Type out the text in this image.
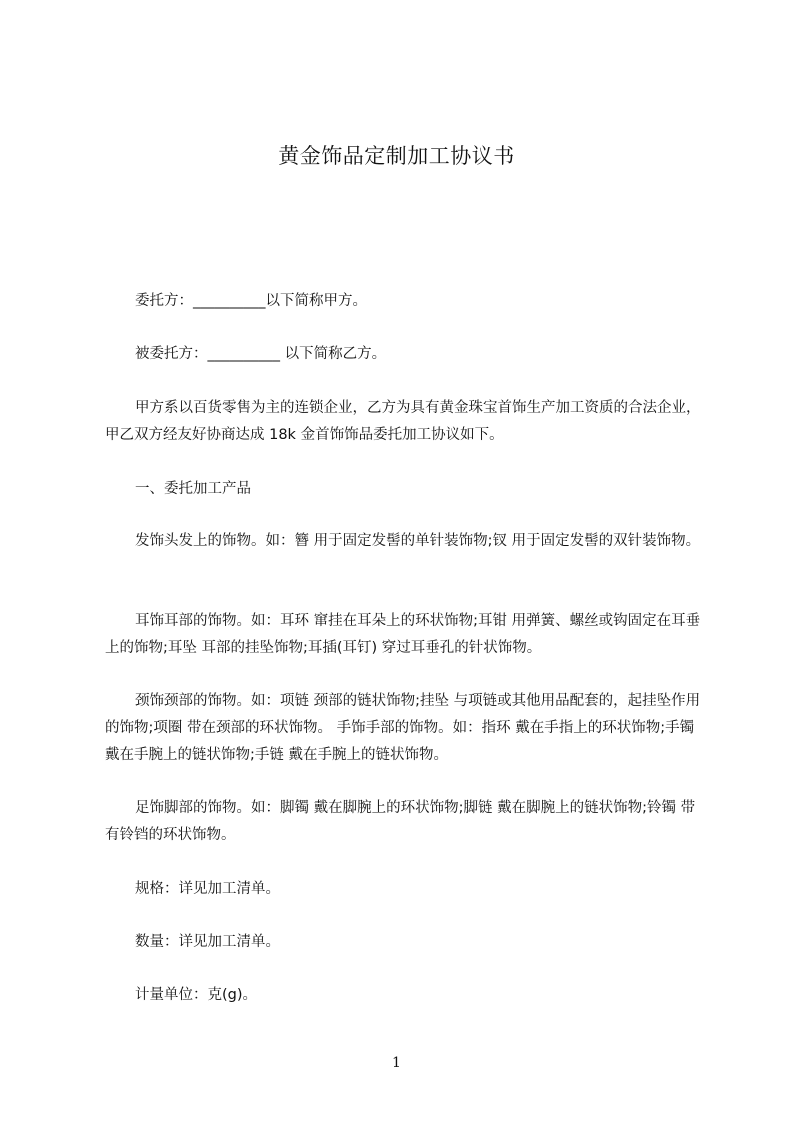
黄金饰品定制加工协议书

委托方：__________以下简称甲方。

被委托方：__________ 以下简称乙方。

甲方系以百货零售为主的连锁企业，乙方为具有黄金珠宝首饰生产加工资质的合法企业，甲乙双方经友好协商达成 18k 金首饰饰品委托加工协议如下。

一、委托加工产品

发饰头发上的饰物。如：簪 用于固定发髻的单针装饰物;钗 用于固定发髻的双针装饰物。

耳饰耳部的饰物。如：耳环 窜挂在耳朵上的环状饰物;耳钳 用弹簧、螺丝或钩固定在耳垂上的饰物;耳坠 耳部的挂坠饰物;耳插(耳钉) 穿过耳垂孔的针状饰物。

颈饰颈部的饰物。如：项链 颈部的链状饰物;挂坠 与项链或其他用品配套的，起挂坠作用的饰物;项圈 带在颈部的环状饰物。 手饰手部的饰物。如：指环 戴在手指上的环状饰物;手镯 戴在手腕上的链状饰物;手链 戴在手腕上的链状饰物。

足饰脚部的饰物。如：脚镯 戴在脚腕上的环状饰物;脚链 戴在脚腕上的链状饰物;铃镯 带有铃铛的环状饰物。

规格：详见加工清单。

数量：详见加工清单。

计量单位：克(g)。

1
